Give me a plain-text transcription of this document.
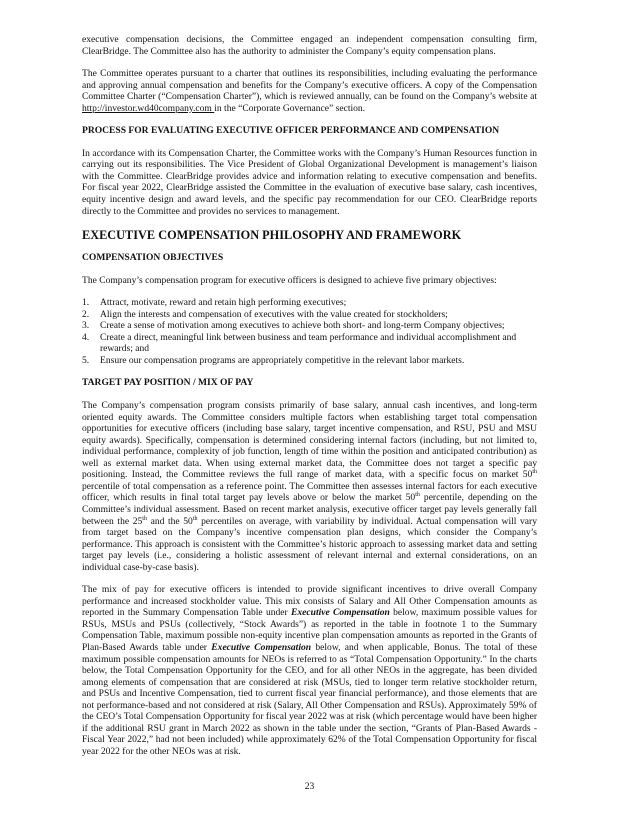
executive compensation decisions, the Committee engaged an independent compensation consulting firm, ClearBridge. The Committee also has the authority to administer the Company’s equity compensation plans.
The Committee operates pursuant to a charter that outlines its responsibilities, including evaluating the performance and approving annual compensation and benefits for the Company’s executive officers. A copy of the Compensation Committee Charter (“Compensation Charter”), which is reviewed annually, can be found on the Company’s website at http://investor.wd40company.com in the “Corporate Governance” section.
PROCESS FOR EVALUATING EXECUTIVE OFFICER PERFORMANCE AND COMPENSATION
In accordance with its Compensation Charter, the Committee works with the Company’s Human Resources function in carrying out its responsibilities. The Vice President of Global Organizational Development is management’s liaison with the Committee. ClearBridge provides advice and information relating to executive compensation and benefits. For fiscal year 2022, ClearBridge assisted the Committee in the evaluation of executive base salary, cash incentives, equity incentive design and award levels, and the specific pay recommendation for our CEO. ClearBridge reports directly to the Committee and provides no services to management.
EXECUTIVE COMPENSATION PHILOSOPHY AND FRAMEWORK
COMPENSATION OBJECTIVES
The Company’s compensation program for executive officers is designed to achieve five primary objectives:
1. Attract, motivate, reward and retain high performing executives;
2. Align the interests and compensation of executives with the value created for stockholders;
3. Create a sense of motivation among executives to achieve both short- and long-term Company objectives;
4. Create a direct, meaningful link between business and team performance and individual accomplishment and rewards; and
5. Ensure our compensation programs are appropriately competitive in the relevant labor markets.
TARGET PAY POSITION / MIX OF PAY
The Company’s compensation program consists primarily of base salary, annual cash incentives, and long-term oriented equity awards. The Committee considers multiple factors when establishing target total compensation opportunities for executive officers (including base salary, target incentive compensation, and RSU, PSU and MSU equity awards). Specifically, compensation is determined considering internal factors (including, but not limited to, individual performance, complexity of job function, length of time within the position and anticipated contribution) as well as external market data. When using external market data, the Committee does not target a specific pay positioning. Instead, the Committee reviews the full range of market data, with a specific focus on market 50th percentile of total compensation as a reference point. The Committee then assesses internal factors for each executive officer, which results in final total target pay levels above or below the market 50th percentile, depending on the Committee’s individual assessment. Based on recent market analysis, executive officer target pay levels generally fall between the 25th and the 50th percentiles on average, with variability by individual. Actual compensation will vary from target based on the Company’s incentive compensation plan designs, which consider the Company’s performance. This approach is consistent with the Committee’s historic approach to assessing market data and setting target pay levels (i.e., considering a holistic assessment of relevant internal and external considerations, on an individual case-by-case basis).
The mix of pay for executive officers is intended to provide significant incentives to drive overall Company performance and increased stockholder value. This mix consists of Salary and All Other Compensation amounts as reported in the Summary Compensation Table under Executive Compensation below, maximum possible values for RSUs, MSUs and PSUs (collectively, “Stock Awards”) as reported in the table in footnote 1 to the Summary Compensation Table, maximum possible non-equity incentive plan compensation amounts as reported in the Grants of Plan-Based Awards table under Executive Compensation below, and when applicable, Bonus. The total of these maximum possible compensation amounts for NEOs is referred to as “Total Compensation Opportunity.” In the charts below, the Total Compensation Opportunity for the CEO, and for all other NEOs in the aggregate, has been divided among elements of compensation that are considered at risk (MSUs, tied to longer term relative stockholder return, and PSUs and Incentive Compensation, tied to current fiscal year financial performance), and those elements that are not performance-based and not considered at risk (Salary, All Other Compensation and RSUs). Approximately 59% of the CEO’s Total Compensation Opportunity for fiscal year 2022 was at risk (which percentage would have been higher if the additional RSU grant in March 2022 as shown in the table under the section, “Grants of Plan-Based Awards - Fiscal Year 2022,” had not been included) while approximately 62% of the Total Compensation Opportunity for fiscal year 2022 for the other NEOs was at risk.
23
